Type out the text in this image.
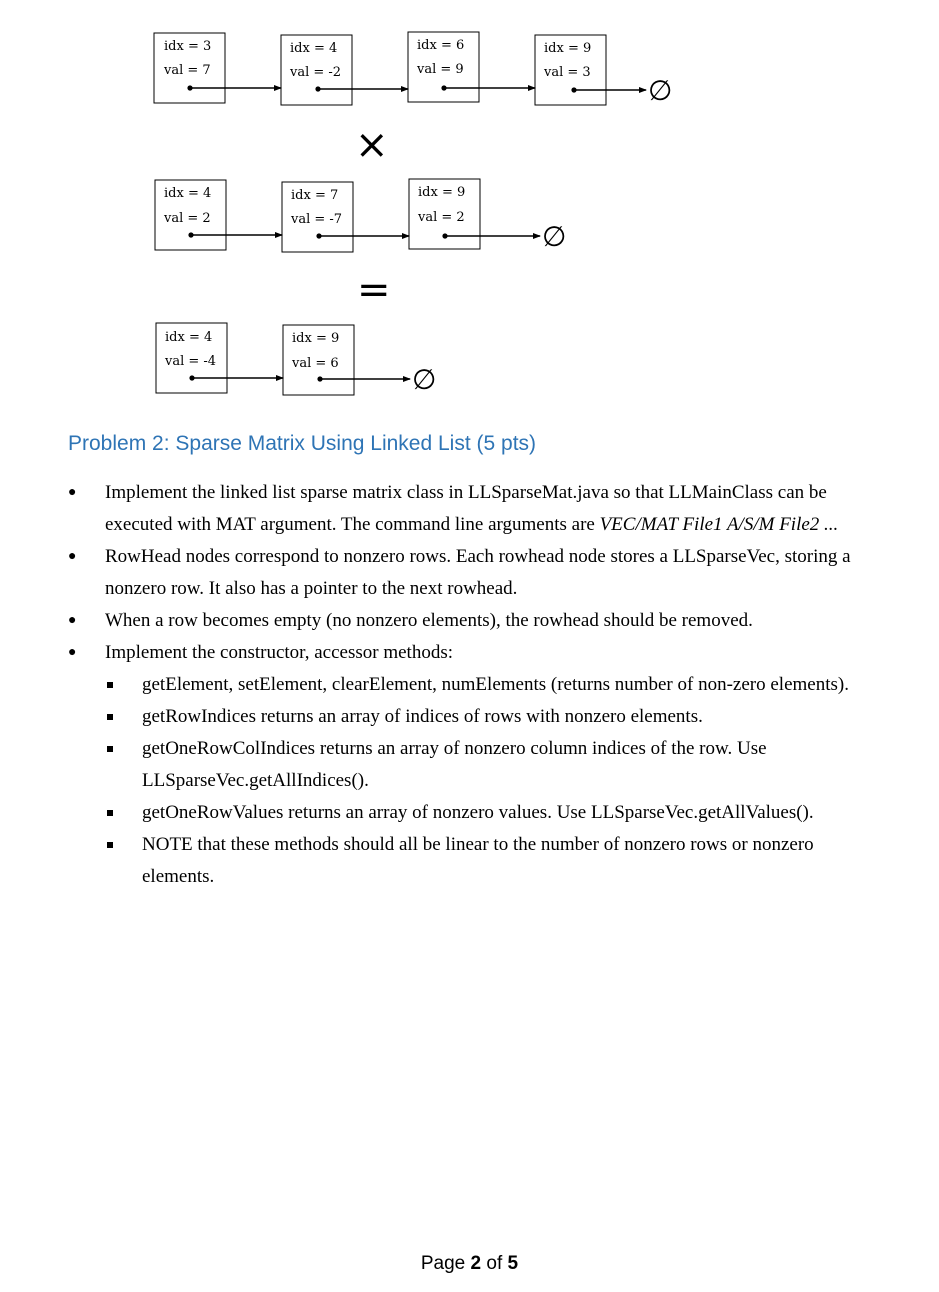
idx = 3
val = 7
idx = 4
val = -2
idx = 6
val = 9
idx = 9
val = 3
∅
×
idx = 4
val = 2
idx = 7
val = -7
idx = 9
val = 2
∅
=
idx = 4
val = -4
idx = 9
val = 6	∅
Problem 2: Sparse Matrix Using Linked List (5 pts)
● Implement the linked list sparse matrix class in LLSparseMat.java so that LLMainClass can be executed with MAT argument. The command line arguments are VEC/MAT File1 A/S/M File2 ...
● RowHead nodes correspond to nonzero rows. Each rowhead node stores a LLSparseVec, storing a nonzero row. It also has a pointer to the next rowhead.
● When a row becomes empty (no nonzero elements), the rowhead should be removed.
● Implement the constructor, accessor methods:
getElement, setElement, clearElement, numElements (returns number of non-zero elements).
getRowIndices returns an array of indices of rows with nonzero elements.
getOneRowColIndices returns an array of nonzero column indices of the row. Use LLSparseVec.getAllIndices().
getOneRowValues returns an array of nonzero values. Use LLSparseVec.getAllValues().
NOTE that these methods should all be linear to the number of nonzero rows or nonzero elements.
Page 2 of 5
